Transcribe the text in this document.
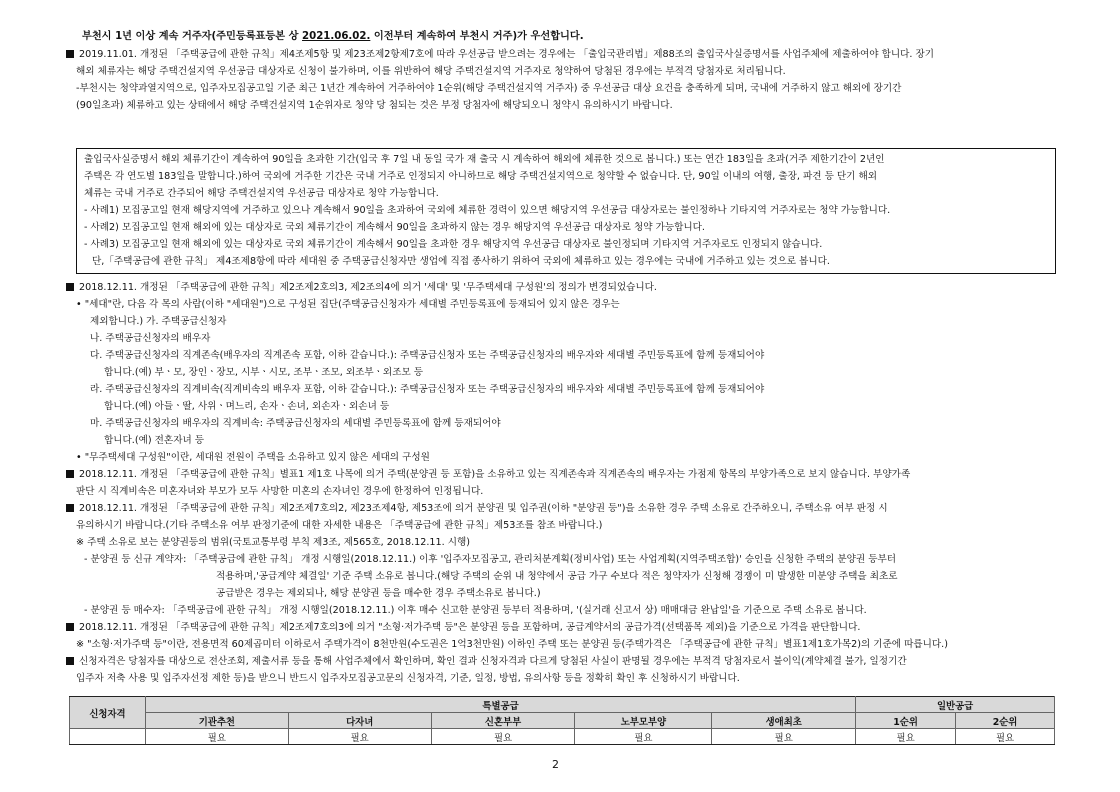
부천시 1년 이상 계속 거주자(주민등록표등본 상 2021.06.02. 이전부터 계속하여 부천시 거주)가 우선합니다.
2019.11.01. 개정된 「주택공급에 관한 규칙」제4조제5항 및 제23조제2항제7호에 따라 우선공급 받으려는 경우에는 「출입국관리법」제88조의 출입국사실증명서를 사업주체에 제출하여야 합니다. 장기
해외 체류자는 해당 주택건설지역 우선공급 대상자로 신청이 불가하며, 이를 위반하여 해당 주택건설지역 거주자로 청약하여 당첨된 경우에는 부적격 당첨자로 처리됩니다.
-부천시는 청약과열지역으로, 입주자모집공고일 기준 최근 1년간 계속하여 거주하여야 1순위(해당 주택건설지역 거주자) 중 우선공급 대상 요건을 충족하게 되며, 국내에 거주하지 않고 해외에 장기간
(90일초과) 체류하고 있는 상태에서 해당 주택건설지역 1순위자로 청약 당 첨되는 것은 부정 당첨자에 해당되오니 청약시 유의하시기 바랍니다.
출입국사실증명서 해외 체류기간이 계속하여 90일을 초과한 기간(입국 후 7일 내 동일 국가 재 출국 시 계속하여 해외에 체류한 것으로 봅니다.) 또는 연간 183일을 초과(거주 제한기간이 2년인
주택은 각 연도별 183일을 말합니다.)하여 국외에 거주한 기간은 국내 거주로 인정되지 아니하므로 해당 주택건설지역으로 청약할 수 없습니다. 단, 90일 이내의 여행, 출장, 파견 등 단기 해외
체류는 국내 거주로 간주되어 해당 주택건설지역 우선공급 대상자로 청약 가능합니다.
- 사례1) 모집공고일 현재 해당지역에 거주하고 있으나 계속해서 90일을 초과하여 국외에 체류한 경력이 있으면 해당지역 우선공급 대상자로는 불인정하나 기타지역 거주자로는 청약 가능합니다.
- 사례2) 모집공고일 현재 해외에 있는 대상자로 국외 체류기간이 계속해서 90일을 초과하지 않는 경우 해당지역 우선공급 대상자로 청약 가능합니다.
- 사례3) 모집공고일 현재 해외에 있는 대상자로 국외 체류기간이 계속해서 90일을 초과한 경우 해당지역 우선공급 대상자로 불인정되며 기타지역 거주자로도 인정되지 않습니다.
단,「주택공급에 관한 규칙」 제4조제8항에 따라 세대원 중 주택공급신청자만 생업에 직접 종사하기 위하여 국외에 체류하고 있는 경우에는 국내에 거주하고 있는 것으로 봅니다.
2018.12.11. 개정된 「주택공급에 관한 규칙」제2조제2호의3, 제2조의4에 의거 '세대' 및 '무주택세대 구성원'의 정의가 변경되었습니다.
• "세대"란, 다음 각 목의 사람(이하 "세대원")으로 구성된 집단(주택공급신청자가 세대별 주민등록표에 등재되어 있지 않은 경우는
제외합니다.) 가. 주택공급신청자
나. 주택공급신청자의 배우자
다. 주택공급신청자의 직계존속(배우자의 직계존속 포함, 이하 같습니다.): 주택공급신청자 또는 주택공급신청자의 배우자와 세대별 주민등록표에 함께 등재되어야
합니다.(예) 부ㆍ모, 장인ㆍ장모, 시부ㆍ시모, 조부ㆍ조모, 외조부ㆍ외조모 등
라. 주택공급신청자의 직계비속(직계비속의 배우자 포함, 이하 같습니다.): 주택공급신청자 또는 주택공급신청자의 배우자와 세대별 주민등록표에 함께 등재되어야
합니다.(예) 아들ㆍ딸, 사위ㆍ며느리, 손자ㆍ손녀, 외손자ㆍ외손녀 등
마. 주택공급신청자의 배우자의 직계비속: 주택공급신청자의 세대별 주민등록표에 함께 등재되어야
합니다.(예) 전혼자녀 등
• "무주택세대 구성원"이란, 세대원 전원이 주택을 소유하고 있지 않은 세대의 구성원
2018.12.11. 개정된 「주택공급에 관한 규칙」별표1 제1호 나목에 의거 주택(분양권 등 포함)을 소유하고 있는 직계존속과 직계존속의 배우자는 가점제 항목의 부양가족으로 보지 않습니다. 부양가족
판단 시 직계비속은 미혼자녀와 부모가 모두 사망한 미혼의 손자녀인 경우에 한정하여 인정됩니다.
2018.12.11. 개정된 「주택공급에 관한 규칙」제2조제7호의2, 제23조제4항, 제53조에 의거 분양권 및 입주권(이하 "분양권 등")을 소유한 경우 주택 소유로 간주하오니, 주택소유 여부 판정 시
유의하시기 바랍니다.(기타 주택소유 여부 판정기준에 대한 자세한 내용은 「주택공급에 관한 규칙」제53조를 참조 바랍니다.)
※ 주택 소유로 보는 분양권등의 범위(국토교통부령 부칙 제3조, 제565호, 2018.12.11. 시행)
- 분양권 등 신규 계약자: 「주택공급에 관한 규칙」 개정 시행일(2018.12.11.) 이후 '입주자모집공고, 관리처분계획(정비사업) 또는 사업계획(지역주택조합)' 승인을 신청한 주택의 분양권 등부터
적용하며,'공급계약 체결일' 기준 주택 소유로 봅니다.(해당 주택의 순위 내 청약에서 공급 가구 수보다 적은 청약자가 신청해 경쟁이 미 발생한 미분양 주택을 최초로
공급받은 경우는 제외되나, 해당 분양권 등을 매수한 경우 주택소유로 봅니다.)
- 분양권 등 매수자: 「주택공급에 관한 규칙」 개정 시행일(2018.12.11.) 이후 매수 신고한 분양권 등부터 적용하며, '(실거래 신고서 상) 매매대금 완납일'을 기준으로 주택 소유로 봅니다.
2018.12.11. 개정된 「주택공급에 관한 규칙」제2조제7호의3에 의거 "소형·저가주택 등"은 분양권 등을 포함하며, 공급계약서의 공급가격(선택품목 제외)을 기준으로 가격을 판단합니다.
※ "소형·저가주택 등"이란, 전용면적 60제곱미터 이하로서 주택가격이 8천만원(수도권은 1억3천만원) 이하인 주택 또는 분양권 등(주택가격은 「주택공급에 관한 규칙」별표1제1호가목2)의 기준에 따릅니다.)
신청자격은 당첨자를 대상으로 전산조회, 제출서류 등을 통해 사업주체에서 확인하며, 확인 결과 신청자격과 다르게 당첨된 사실이 판명될 경우에는 부적격 당첨자로서 불이익(계약체결 불가, 일정기간
입주자 저축 사용 및 입주자선정 제한 등)을 받으니 반드시 입주자모집공고문의 신청자격, 기준, 일정, 방법, 유의사항 등을 정확히 확인 후 신청하시기 바랍니다.
신청자격	특별공급					일반공급	
	기관추천	다자녀	신혼부부	노부모부양	생애최초	1순위	2순위
	필요	필요	필요	필요	필요	필요	필요
2
